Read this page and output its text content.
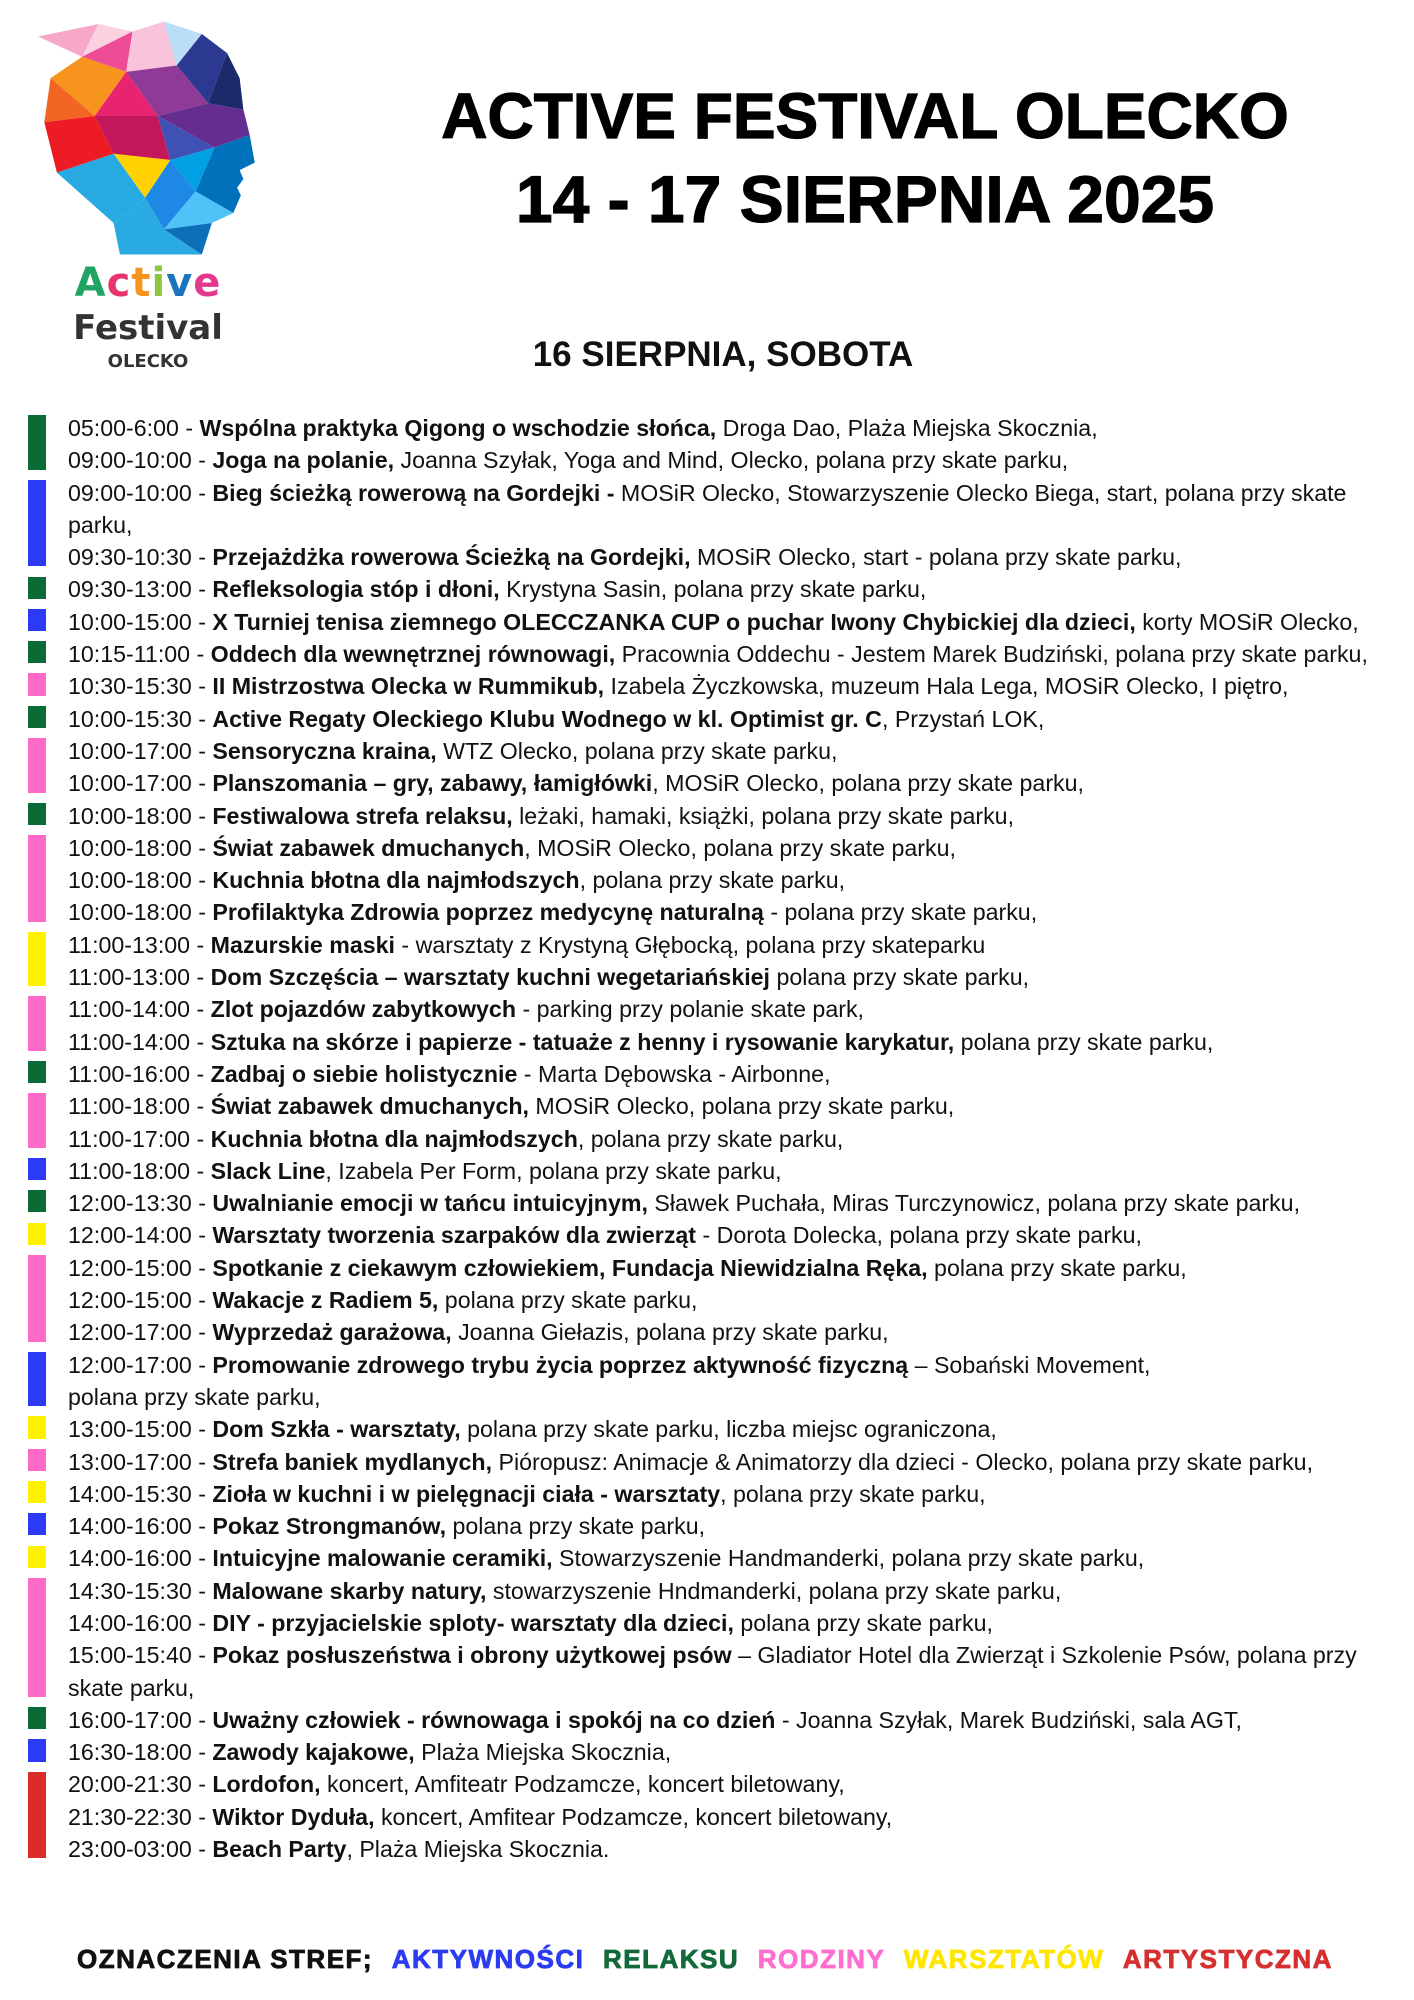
Active
Festival
OLECKO
ACTIVE FESTIVAL OLECKO
14 - 17 SIERPNIA 2025
16 SIERPNIA, SOBOTA
05:00-6:00 - Wspólna praktyka Qigong o wschodzie słońca, Droga Dao, Plaża Miejska Skocznia,
09:00-10:00 - Joga na polanie, Joanna Szyłak, Yoga and Mind, Olecko, polana przy skate parku,
09:00-10:00 - Bieg ścieżką rowerową na Gordejki - MOSiR Olecko, Stowarzyszenie Olecko Biega, start, polana przy skate
parku,
09:30-10:30 - Przejażdżka rowerowa Ścieżką na Gordejki, MOSiR Olecko, start - polana przy skate parku,
09:30-13:00 - Refleksologia stóp i dłoni, Krystyna Sasin, polana przy skate parku,
10:00-15:00 - X Turniej tenisa ziemnego OLECCZANKA CUP o puchar Iwony Chybickiej dla dzieci, korty MOSiR Olecko,
10:15-11:00 - Oddech dla wewnętrznej równowagi, Pracownia Oddechu - Jestem Marek Budziński, polana przy skate parku,
10:30-15:30 - II Mistrzostwa Olecka w Rummikub, Izabela Życzkowska, muzeum Hala Lega, MOSiR Olecko, I piętro,
10:00-15:30 - Active Regaty Oleckiego Klubu Wodnego w kl. Optimist gr. C, Przystań LOK,
10:00-17:00 - Sensoryczna kraina, WTZ Olecko, polana przy skate parku,
10:00-17:00 - Planszomania – gry, zabawy, łamigłówki, MOSiR Olecko, polana przy skate parku,
10:00-18:00 - Festiwalowa strefa relaksu, leżaki, hamaki, książki, polana przy skate parku,
10:00-18:00 - Świat zabawek dmuchanych, MOSiR Olecko, polana przy skate parku,
10:00-18:00 - Kuchnia błotna dla najmłodszych, polana przy skate parku,
10:00-18:00 - Profilaktyka Zdrowia poprzez medycynę naturalną - polana przy skate parku,
11:00-13:00 - Mazurskie maski - warsztaty z Krystyną Głębocką, polana przy skateparku
11:00-13:00 - Dom Szczęścia – warsztaty kuchni wegetariańskiej polana przy skate parku,
11:00-14:00 - Zlot pojazdów zabytkowych - parking przy polanie skate park,
11:00-14:00 - Sztuka na skórze i papierze - tatuaże z henny i rysowanie karykatur, polana przy skate parku,
11:00-16:00 - Zadbaj o siebie holistycznie - Marta Dębowska - Airbonne,
11:00-18:00 - Świat zabawek dmuchanych, MOSiR Olecko, polana przy skate parku,
11:00-17:00 - Kuchnia błotna dla najmłodszych, polana przy skate parku,
11:00-18:00 - Slack Line, Izabela Per Form, polana przy skate parku,
12:00-13:30 - Uwalnianie emocji w tańcu intuicyjnym, Sławek Puchała, Miras Turczynowicz, polana przy skate parku,
12:00-14:00 - Warsztaty tworzenia szarpaków dla zwierząt - Dorota Dolecka, polana przy skate parku,
12:00-15:00 - Spotkanie z ciekawym człowiekiem, Fundacja Niewidzialna Ręka, polana przy skate parku,
12:00-15:00 - Wakacje z Radiem 5, polana przy skate parku,
12:00-17:00 - Wyprzedaż garażowa, Joanna Giełazis, polana przy skate parku,
12:00-17:00 - Promowanie zdrowego trybu życia poprzez aktywność fizyczną – Sobański Movement,
polana przy skate parku,
13:00-15:00 - Dom Szkła - warsztaty, polana przy skate parku, liczba miejsc ograniczona,
13:00-17:00 - Strefa baniek mydlanych, Pióropusz: Animacje & Animatorzy dla dzieci - Olecko, polana przy skate parku,
14:00-15:30 - Zioła w kuchni i w pielęgnacji ciała - warsztaty, polana przy skate parku,
14:00-16:00 - Pokaz Strongmanów, polana przy skate parku,
14:00-16:00 - Intuicyjne malowanie ceramiki, Stowarzyszenie Handmanderki, polana przy skate parku,
14:30-15:30 - Malowane skarby natury, stowarzyszenie Hndmanderki, polana przy skate parku,
14:00-16:00 - DIY - przyjacielskie sploty- warsztaty dla dzieci, polana przy skate parku,
15:00-15:40 - Pokaz posłuszeństwa i obrony użytkowej psów – Gladiator Hotel dla Zwierząt i Szkolenie Psów, polana przy
skate parku,
16:00-17:00 - Uważny człowiek - równowaga i spokój na co dzień - Joanna Szyłak, Marek Budziński, sala AGT,
16:30-18:00 - Zawody kajakowe, Plaża Miejska Skocznia,
20:00-21:30 - Lordofon, koncert, Amfiteatr Podzamcze, koncert biletowany,
21:30-22:30 - Wiktor Dyduła, koncert, Amfitear Podzamcze, koncert biletowany,
23:00-03:00 - Beach Party, Plaża Miejska Skocznia.
OZNACZENIA STREF; AKTYWNOŚCI RELAKSU RODZINY WARSZTATÓW ARTYSTYCZNA
